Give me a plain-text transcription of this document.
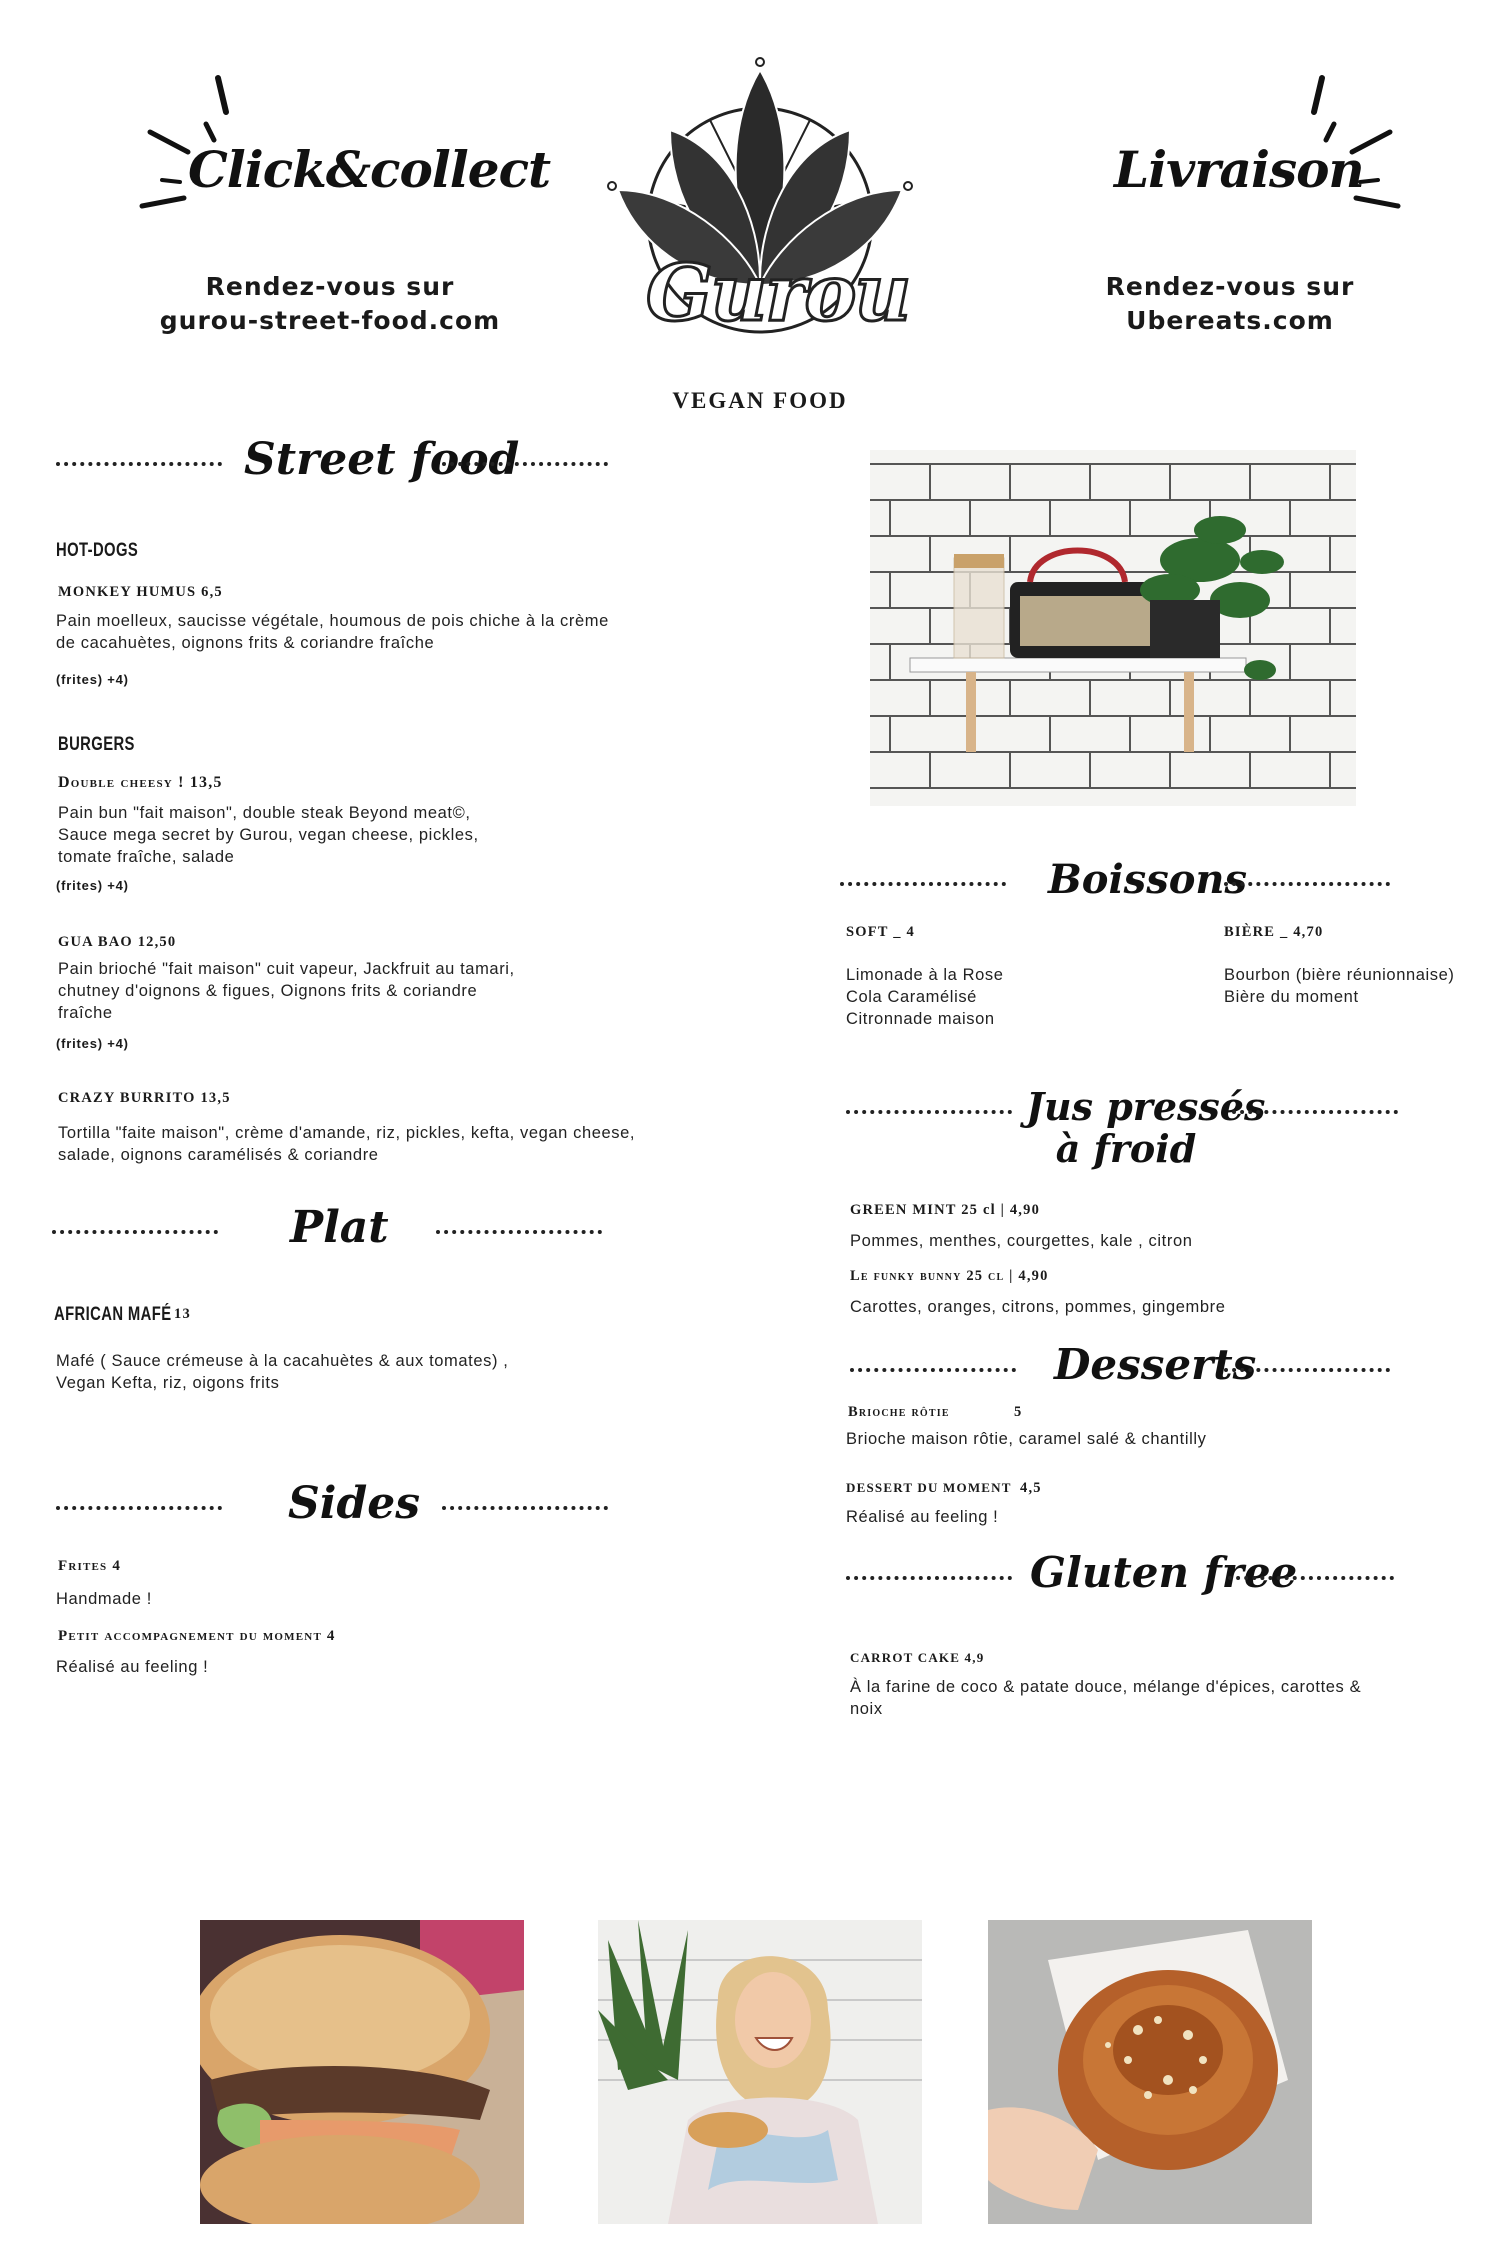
Click&collect
Rendez-vous sur
gurou-street-food.com	Gurou
VEGAN FOOD
Livraison
Rendez-vous sur
Ubereats.com
Street food
HOT-DOGS
MONKEY HUMUS 6,5
Pain moelleux, saucisse végétale, houmous de pois chiche à la crème
de cacahuètes, oignons frits & coriandre fraîche
(frites) +4)
BURGERS
Double cheesy ! 13,5
Pain bun "fait maison", double steak Beyond meat©,
Sauce mega secret by Gurou, vegan cheese, pickles,
tomate fraîche, salade
(frites) +4)
GUA BAO 12,50
Pain brioché "fait maison" cuit vapeur, Jackfruit au tamari,
chutney d'oignons & figues, Oignons frits & coriandre
fraîche
(frites) +4)
CRAZY BURRITO 13,5
Tortilla "faite maison", crème d'amande, riz, pickles, kefta, vegan cheese,
salade, oignons caramélisés & coriandre
Plat
AFRICAN MAFÉ 13
Mafé ( Sauce crémeuse à la cacahuètes & aux tomates) ,
Vegan Kefta, riz, oigons frits
Sides
Frites 4
Handmade !
Petit accompagnement du moment 4
Réalisé au feeling !
Boissons
SOFT _ 4
Limonade à la Rose
Cola Caramélisé
Citronnade maison
BIÈRE _ 4,70
Bourbon (bière réunionnaise)
Bière du moment
Jus pressés
à froid
GREEN MINT 25 cl | 4,90
Pommes, menthes, courgettes, kale , citron
Le funky bunny 25 cl | 4,90
Carottes, oranges, citrons, pommes, gingembre
Desserts
Brioche rôtie	5
Brioche maison rôtie, caramel salé & chantilly
DESSERT DU MOMENT 4,5
Réalisé au feeling !
Gluten free
CARROT CAKE 4,9
À la farine de coco & patate douce, mélange d'épices, carottes &
noix
